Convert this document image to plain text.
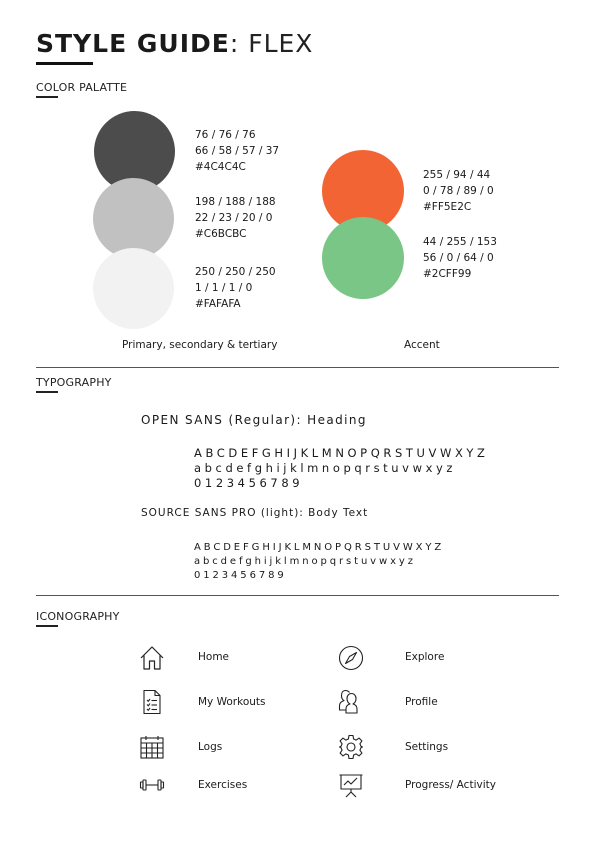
STYLE GUIDE: FLEX
COLOR PALATTE
76 / 76 / 76
66 / 58 / 57 / 37
#4C4C4C
198 / 188 / 188
22 / 23 / 20 / 0
#C6BCBC
250 / 250 / 250
1 / 1 / 1 / 0
#FAFAFA
255 / 94 / 44
0 / 78 / 89 / 0
#FF5E2C
44 / 255 / 153
56 / 0 / 64 / 0
#2CFF99
Primary, secondary & tertiary	Accent
TYPOGRAPHY
OPEN SANS (Regular): Heading
ABCDEFGHIJKLMNOPQRSTUVWXYZ
abcdefghijklmnopqrstuvwxyz
0123456789
SOURCE SANS PRO (light): Body Text
ABCDEFGHIJKLMNOPQRSTUVWXYZ
abcdefghijklmnopqrstuvwxyz
0123456789
ICONOGRAPHY
Home
My Workouts
Logs
Exercises
Explore
Profile
Settings
Progress/ Activity
